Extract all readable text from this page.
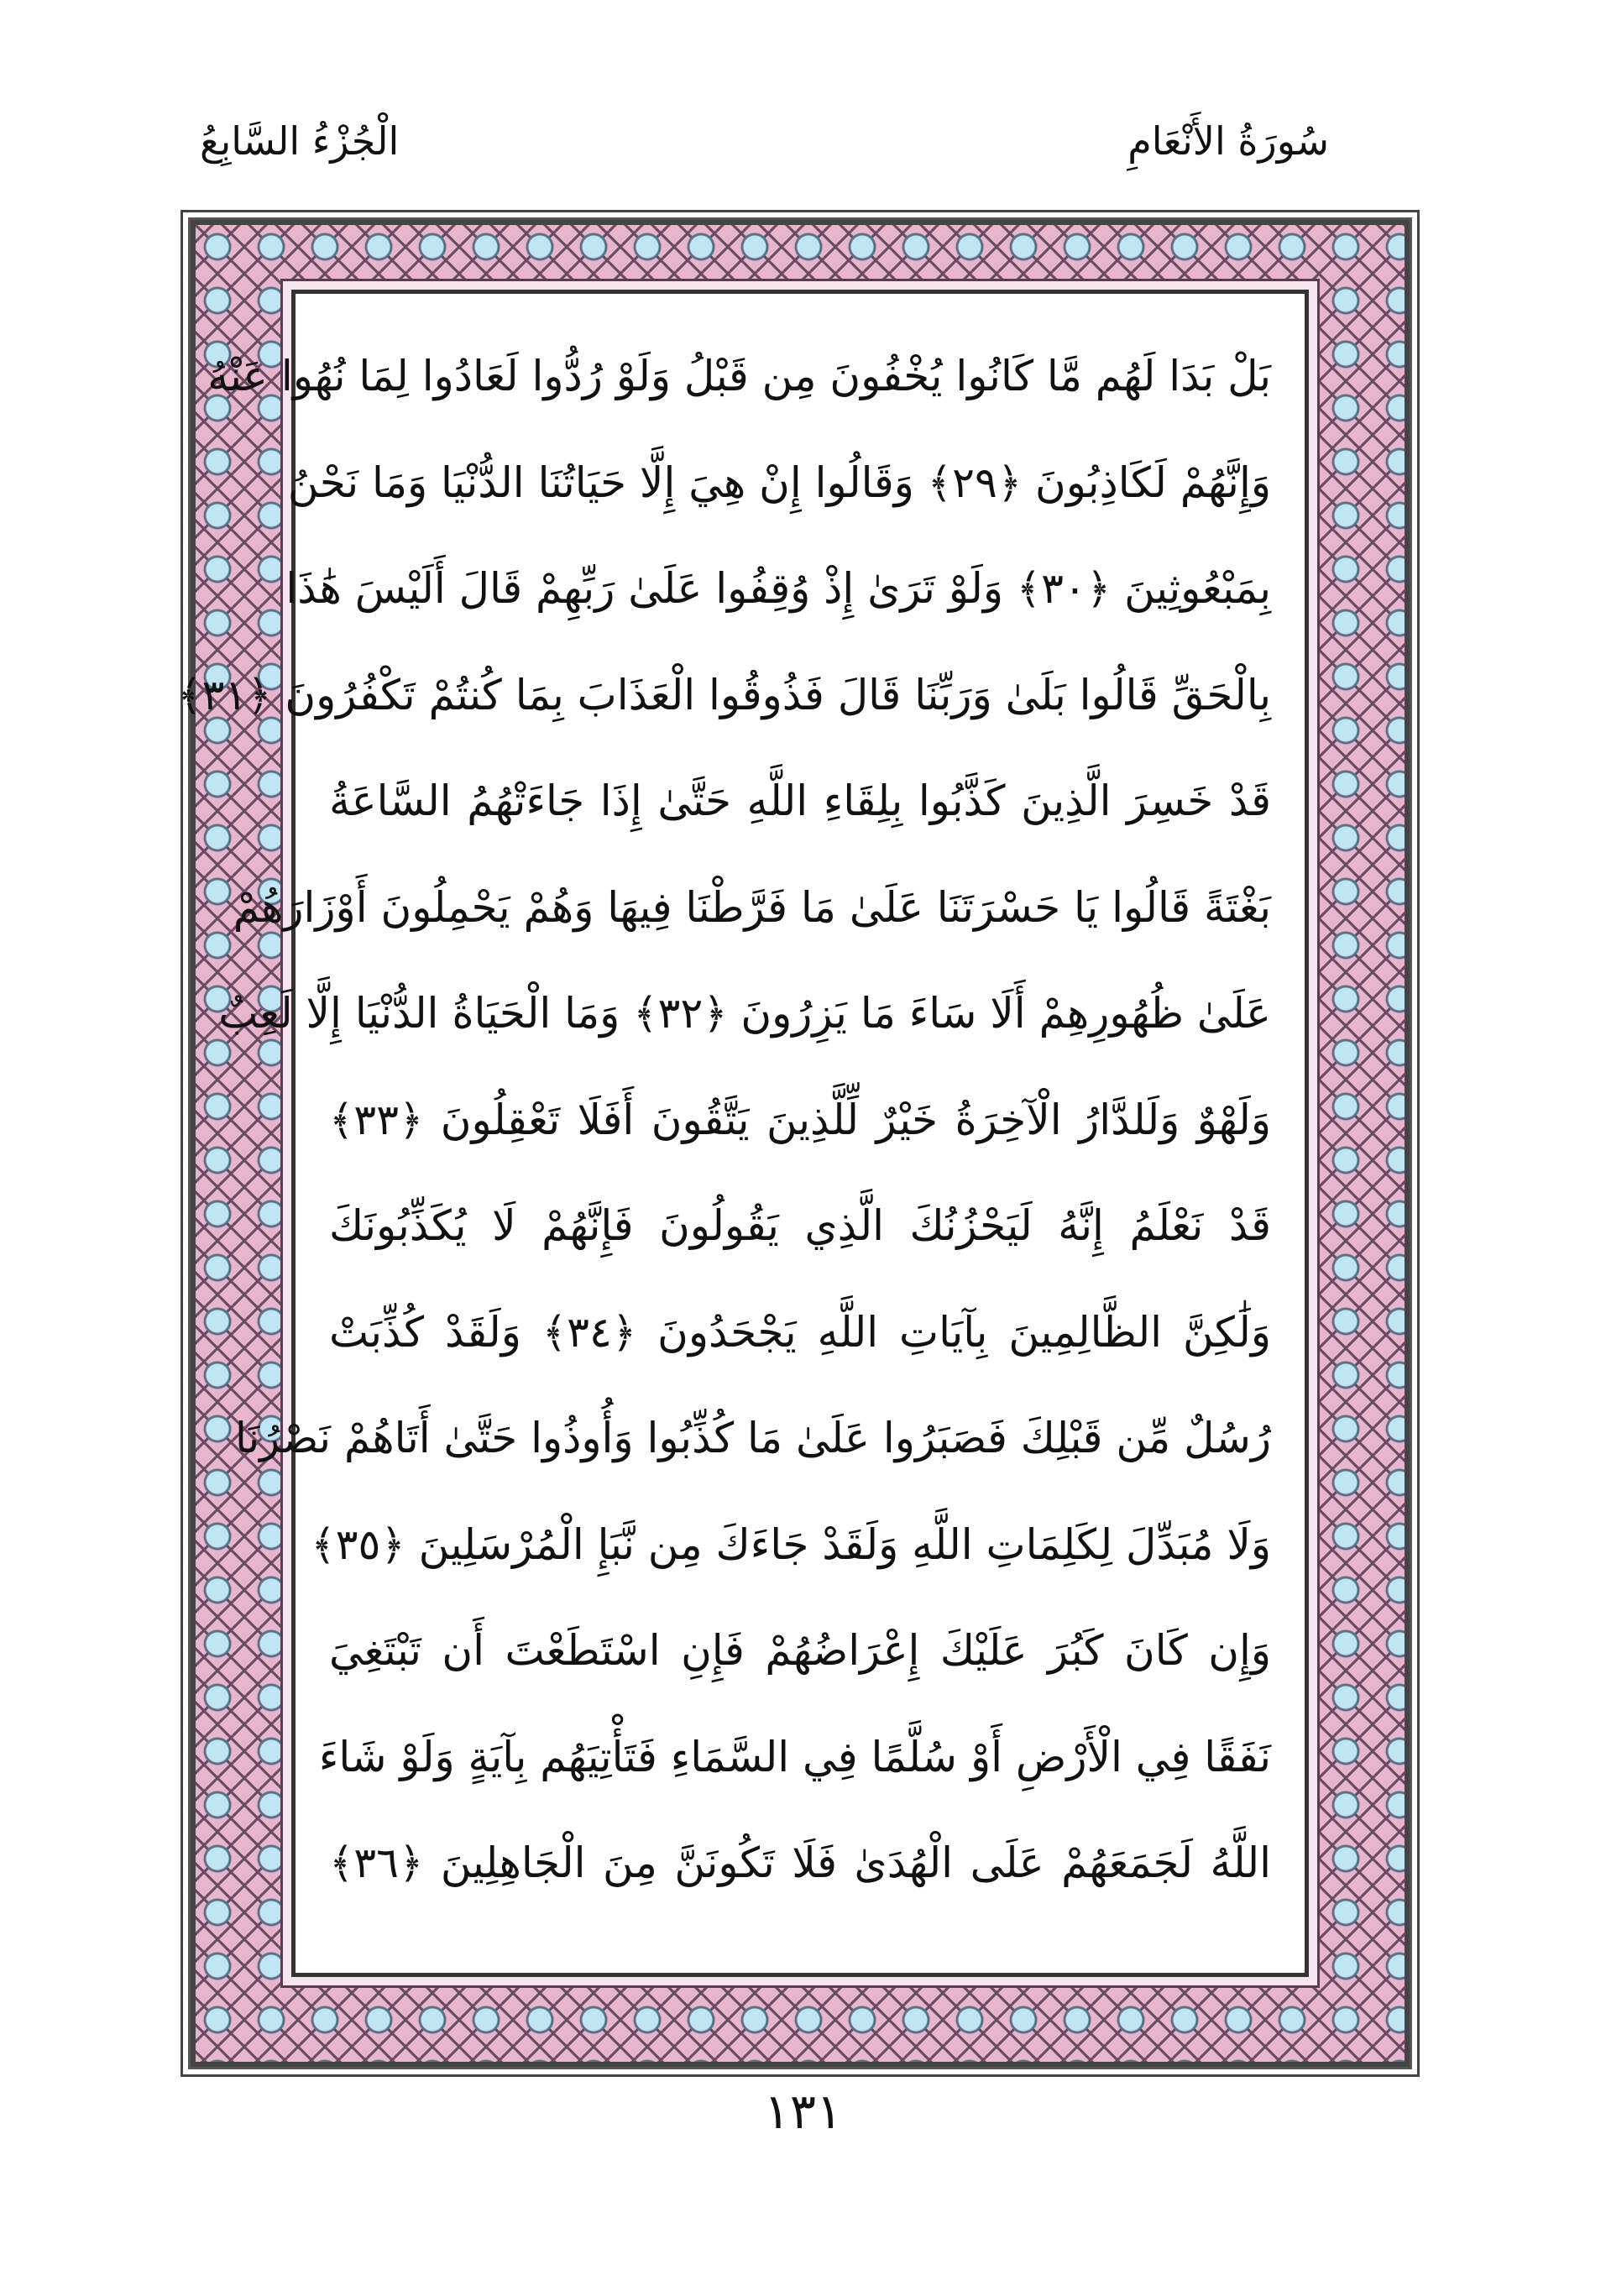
سُورَةُ الأَنْعَامِ
الْجُزْءُ السَّابِعُ
بَلْ بَدَا لَهُم مَّا كَانُوا يُخْفُونَ مِن قَبْلُ وَلَوْ رُدُّوا لَعَادُوا لِمَا نُهُوا عَنْهُ
وَإِنَّهُمْ لَكَاذِبُونَ ﴿٢٩﴾ وَقَالُوا إِنْ هِيَ إِلَّا حَيَاتُنَا الدُّنْيَا وَمَا نَحْنُ
بِمَبْعُوثِينَ ﴿٣٠﴾ وَلَوْ تَرَىٰ إِذْ وُقِفُوا عَلَىٰ رَبِّهِمْ قَالَ أَلَيْسَ هَٰذَا
بِالْحَقِّ قَالُوا بَلَىٰ وَرَبِّنَا قَالَ فَذُوقُوا الْعَذَابَ بِمَا كُنتُمْ تَكْفُرُونَ ﴿٣١﴾
قَدْ خَسِرَ الَّذِينَ كَذَّبُوا بِلِقَاءِ اللَّهِ حَتَّىٰ إِذَا جَاءَتْهُمُ السَّاعَةُ
بَغْتَةً قَالُوا يَا حَسْرَتَنَا عَلَىٰ مَا فَرَّطْنَا فِيهَا وَهُمْ يَحْمِلُونَ أَوْزَارَهُمْ
عَلَىٰ ظُهُورِهِمْ أَلَا سَاءَ مَا يَزِرُونَ ﴿٣٢﴾ وَمَا الْحَيَاةُ الدُّنْيَا إِلَّا لَعِبٌ
وَلَهْوٌ وَلَلدَّارُ الْآخِرَةُ خَيْرٌ لِّلَّذِينَ يَتَّقُونَ أَفَلَا تَعْقِلُونَ ﴿٣٣﴾
قَدْ نَعْلَمُ إِنَّهُ لَيَحْزُنُكَ الَّذِي يَقُولُونَ فَإِنَّهُمْ لَا يُكَذِّبُونَكَ
وَلَٰكِنَّ الظَّالِمِينَ بِآيَاتِ اللَّهِ يَجْحَدُونَ ﴿٣٤﴾ وَلَقَدْ كُذِّبَتْ
رُسُلٌ مِّن قَبْلِكَ فَصَبَرُوا عَلَىٰ مَا كُذِّبُوا وَأُوذُوا حَتَّىٰ أَتَاهُمْ نَصْرُنَا
وَلَا مُبَدِّلَ لِكَلِمَاتِ اللَّهِ وَلَقَدْ جَاءَكَ مِن نَّبَإِ الْمُرْسَلِينَ ﴿٣٥﴾
وَإِن كَانَ كَبُرَ عَلَيْكَ إِعْرَاضُهُمْ فَإِنِ اسْتَطَعْتَ أَن تَبْتَغِيَ
نَفَقًا فِي الْأَرْضِ أَوْ سُلَّمًا فِي السَّمَاءِ فَتَأْتِيَهُم بِآيَةٍ وَلَوْ شَاءَ
اللَّهُ لَجَمَعَهُمْ عَلَى الْهُدَىٰ فَلَا تَكُونَنَّ مِنَ الْجَاهِلِينَ ﴿٣٦﴾
١٣١
